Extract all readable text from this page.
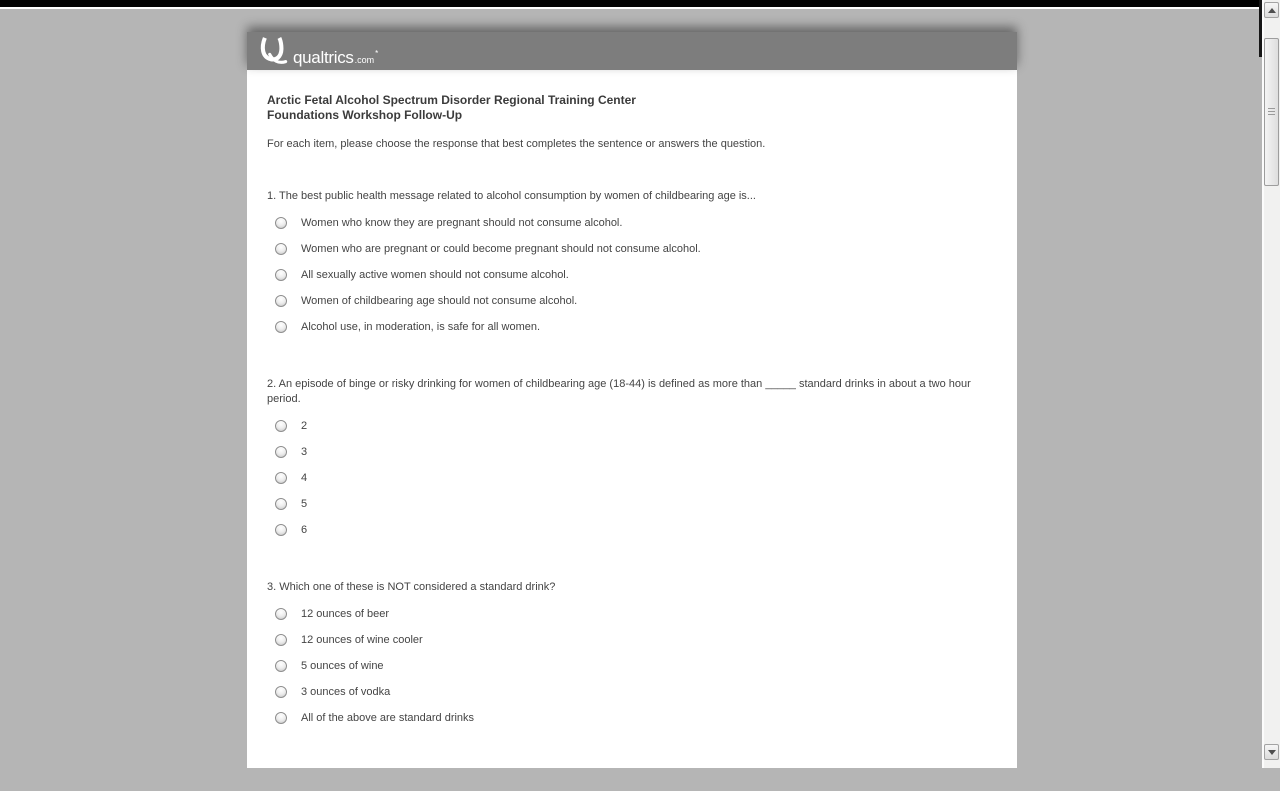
qualtrics .com
*
Arctic Fetal Alcohol Spectrum Disorder Regional Training Center
Foundations Workshop Follow-Up
For each item, please choose the response that best completes the sentence or answers the question.
1. The best public health message related to alcohol consumption by women of childbearing age is...
Women who know they are pregnant should not consume alcohol.
Women who are pregnant or could become pregnant should not consume alcohol.
All sexually active women should not consume alcohol.
Women of childbearing age should not consume alcohol.
Alcohol use, in moderation, is safe for all women.
2. An episode of binge or risky drinking for women of childbearing age (18-44) is defined as more than _____ standard drinks in about a two hour period.
2
3
4
5
6
3. Which one of these is NOT considered a standard drink?
12 ounces of beer
12 ounces of wine cooler
5 ounces of wine
3 ounces of vodka
All of the above are standard drinks
